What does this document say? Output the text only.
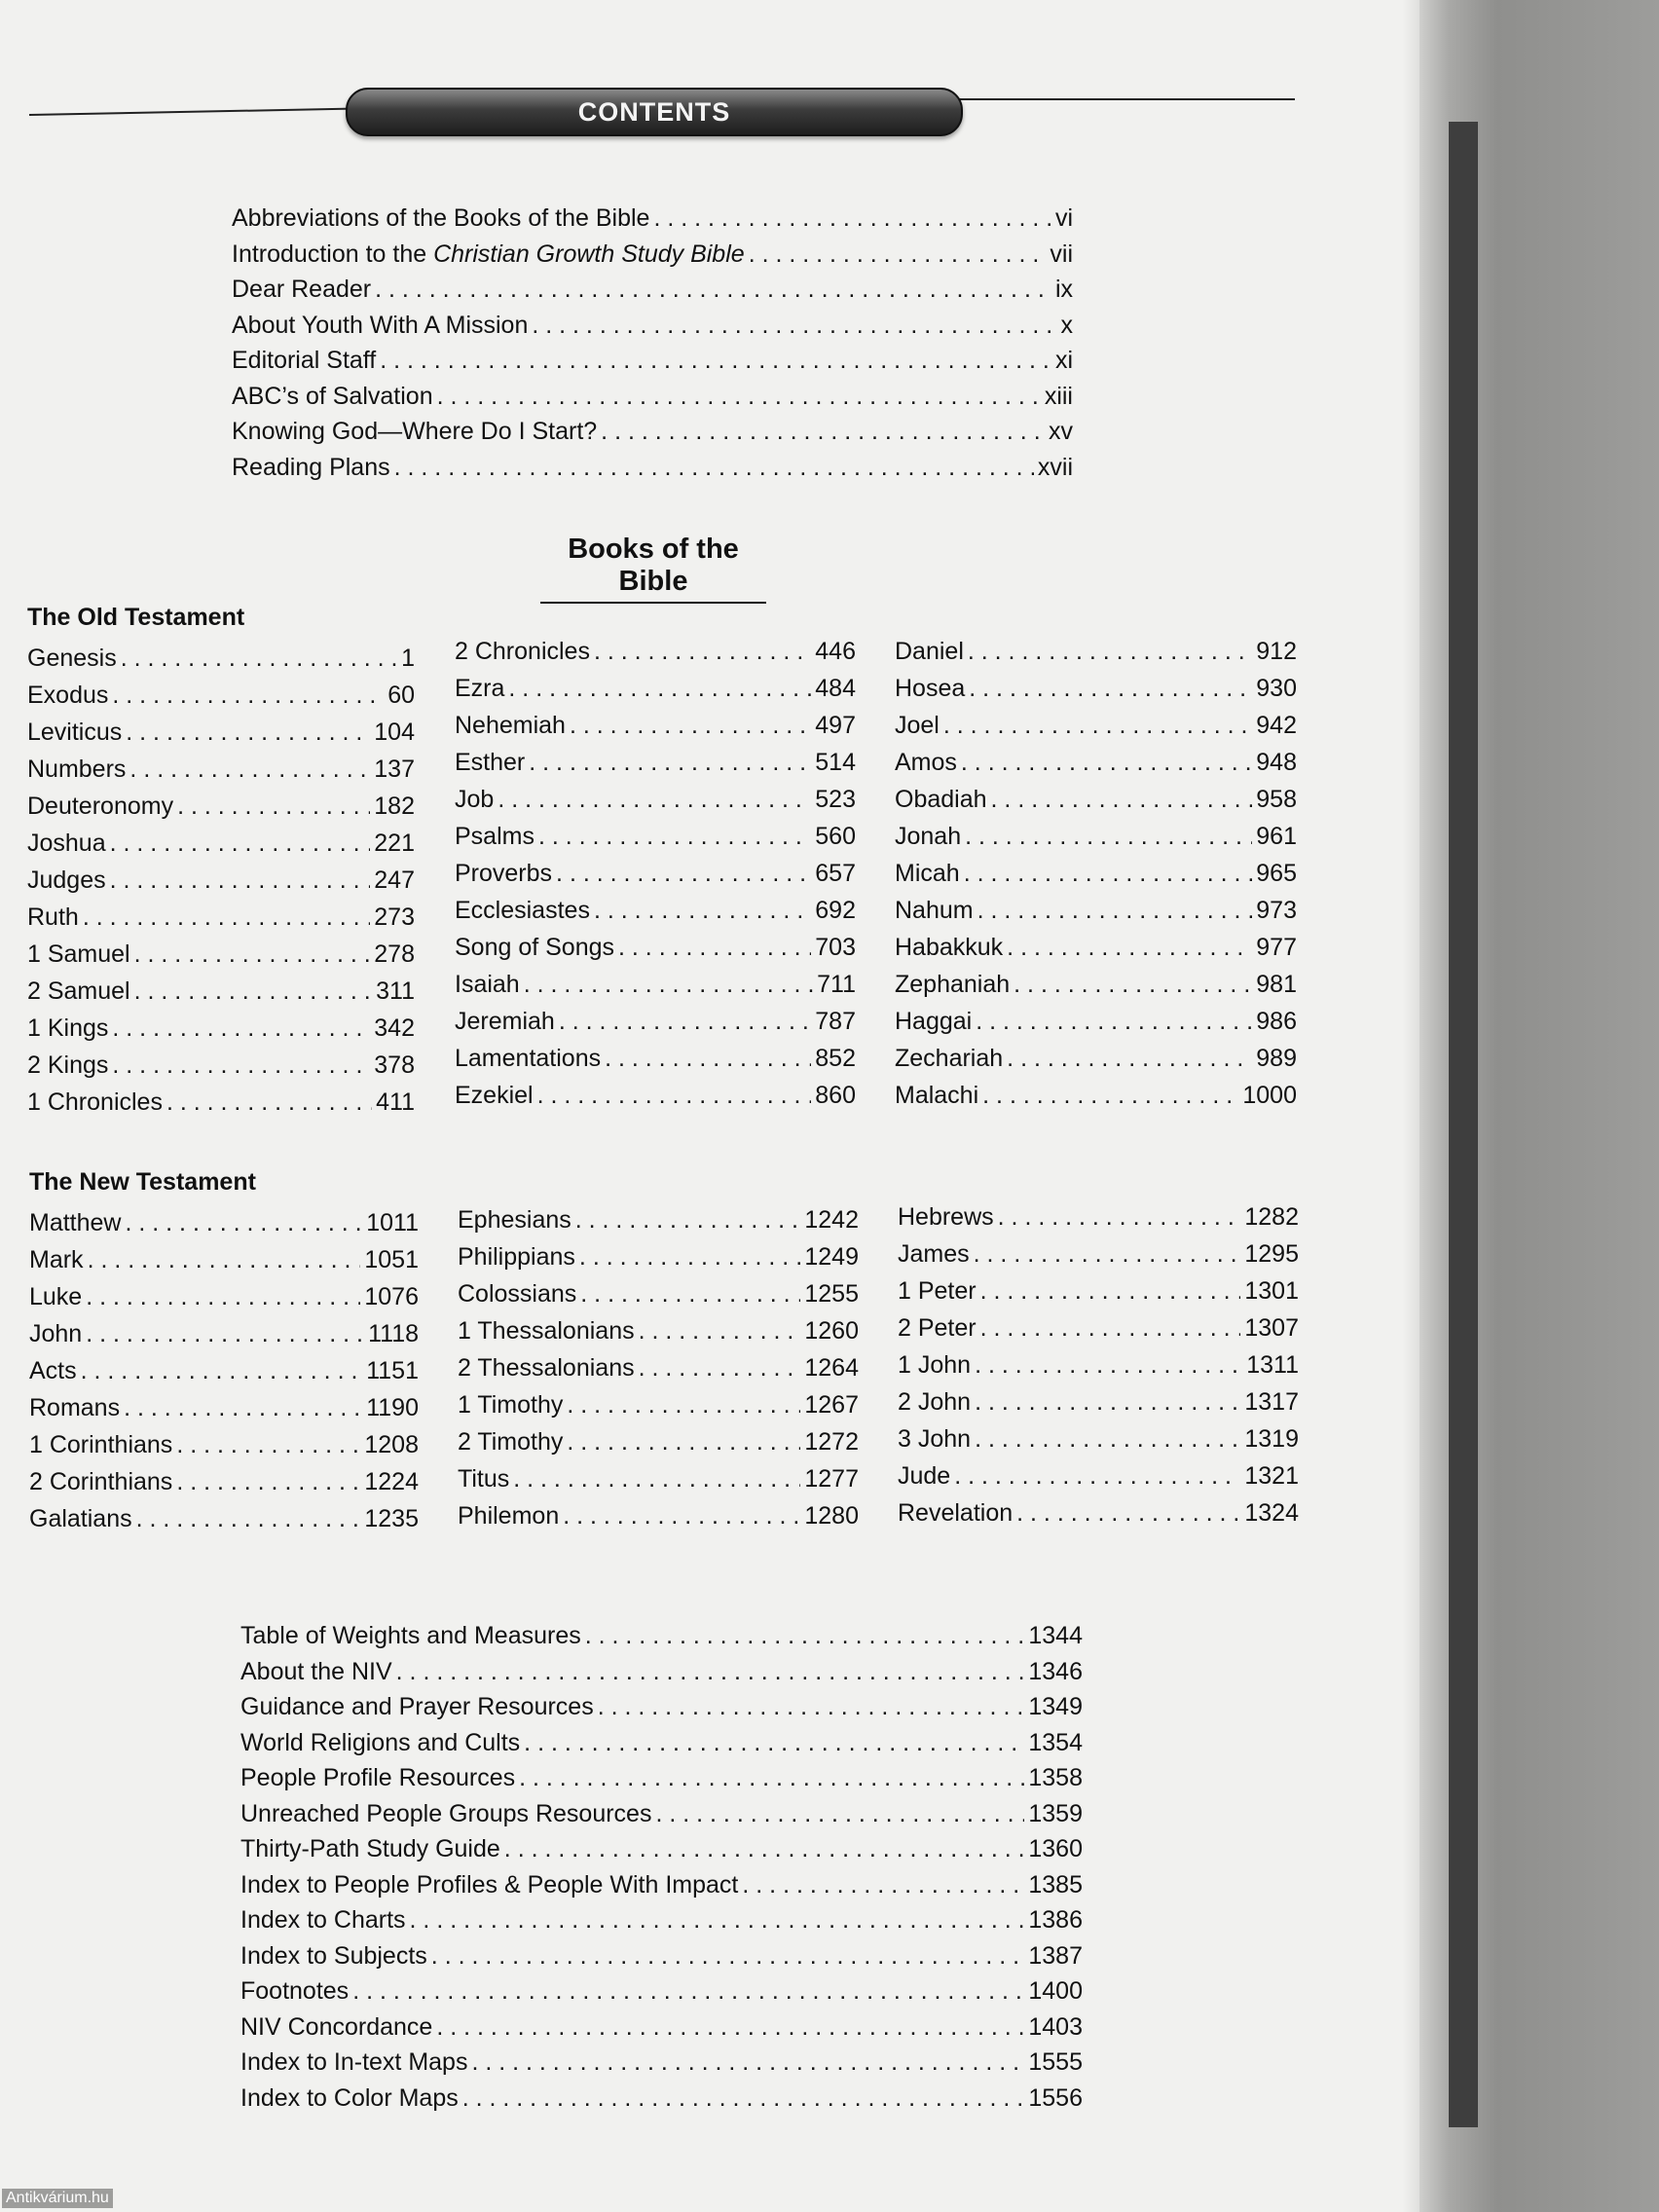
CONTENTS
Abbreviations of the Books of the Bible . . .	vi
Introduction to the Christian Growth Study Bible . . .	vii
Dear Reader . . .	ix
About Youth With A Mission . . .	x
Editorial Staff . . .	xi
ABC’s of Salvation . . .	xiii
Knowing God—Where Do I Start? . . .	xv
Reading Plans . . .	xvii
Books of the Bible
The Old Testament
Genesis . . .	1
Exodus . . .	60
Leviticus . . .	104
Numbers . . .	137
Deuteronomy . . .	182
Joshua . . .	221
Judges . . .	247
Ruth . . .	273
1 Samuel . . .	278
2 Samuel . . .	311
1 Kings . . .	342
2 Kings . . .	378
1 Chronicles . . .	411
2 Chronicles . . .	446
Ezra . . .	484
Nehemiah . . .	497
Esther . . .	514
Job . . .	523
Psalms . . .	560
Proverbs . . .	657
Ecclesiastes . . .	692
Song of Songs . . .	703
Isaiah . . .	711
Jeremiah . . .	787
Lamentations . . .	852
Ezekiel . . .	860
Daniel . . .	912
Hosea . . .	930
Joel . . .	942
Amos . . .	948
Obadiah . . .	958
Jonah . . .	961
Micah . . .	965
Nahum . . .	973
Habakkuk . . .	977
Zephaniah . . .	981
Haggai . . .	986
Zechariah . . .	989
Malachi . . .	1000
The New Testament
Matthew . . .	1011
Mark . . .	1051
Luke . . .	1076
John . . .	1118
Acts . . .	1151
Romans . . .	1190
1 Corinthians . . .	1208
2 Corinthians . . .	1224
Galatians . . .	1235
Ephesians . . .	1242
Philippians . . .	1249
Colossians . . .	1255
1 Thessalonians . . .	1260
2 Thessalonians . . .	1264
1 Timothy . . .	1267
2 Timothy . . .	1272
Titus . . .	1277
Philemon . . .	1280
Hebrews . . .	1282
James . . .	1295
1 Peter . . .	1301
2 Peter . . .	1307
1 John . . .	1311
2 John . . .	1317
3 John . . .	1319
Jude . . .	1321
Revelation . . .	1324
Table of Weights and Measures . . .	1344
About the NIV . . .	1346
Guidance and Prayer Resources . . .	1349
World Religions and Cults . . .	1354
People Profile Resources . . .	1358
Unreached People Groups Resources . . .	1359
Thirty-Path Study Guide . . .	1360
Index to People Profiles & People With Impact . . .	1385
Index to Charts . . .	1386
Index to Subjects . . .	1387
Footnotes . . .	1400
NIV Concordance . . .	1403
Index to In-text Maps . . .	1555
Index to Color Maps . . .	1556
Antikvárium.hu
